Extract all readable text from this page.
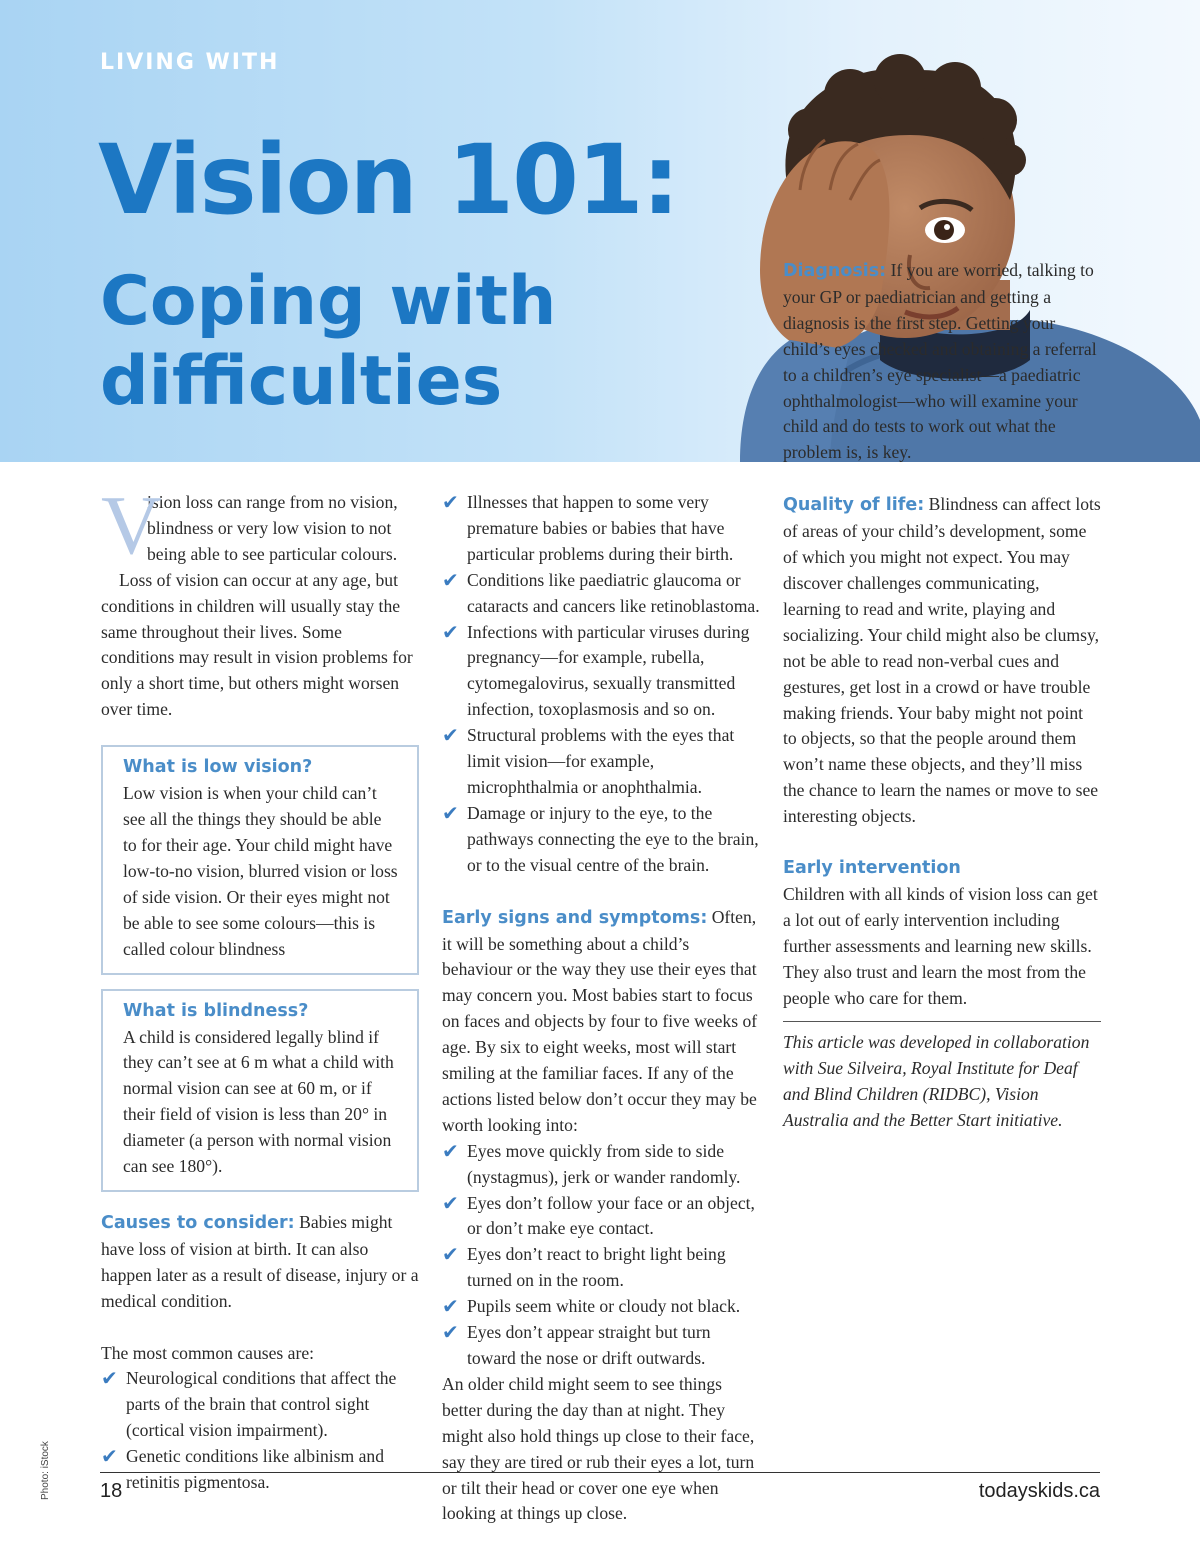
LIVING WITH
Vision 101:
Coping with difficulties
V

ision loss can range from no vision, blindness or very low vision to not being able to see particular colours.

Loss of vision can occur at any age, but conditions in children will usually stay the same throughout their lives. Some conditions may result in vision problems for only a short time, but others might worsen over time.

What is low vision?

Low vision is when your child can’t see all the things they should be able to for their age. Your child might have low-to-no vision, blurred vision or loss of side vision. Or their eyes might not be able to see some colours—this is called colour blindness

What is blindness?

A child is considered legally blind if they can’t see at 6 m what a child with normal vision can see at 60 m, or if their field of vision is less than 20° in diameter (a person with normal vision can see 180°).

Causes to consider: Babies might have loss of vision at birth. It can also happen later as a result of disease, injury or a medical condition.

The most common causes are:

✔ Neurological conditions that affect the parts of the brain that control sight (cortical vision impairment).
✔ Genetic conditions like albinism and retinitis pigmentosa.
✔ Illnesses that happen to some very premature babies or babies that have particular problems during their birth.
✔ Conditions like paediatric glaucoma or cataracts and cancers like retinoblastoma.
✔ Infections with particular viruses during pregnancy—for example, rubella, cytomegalovirus, sexually transmitted infection, toxoplasmosis and so on.
✔ Structural problems with the eyes that limit vision—for example, microphthalmia or anophthalmia.
✔ Damage or injury to the eye, to the pathways connecting the eye to the brain, or to the visual centre of the brain.

Early signs and symptoms: Often, it will be something about a child’s behaviour or the way they use their eyes that may concern you. Most babies start to focus on faces and objects by four to five weeks of age. By six to eight weeks, most will start smiling at the familiar faces. If any of the actions listed below don’t occur they may be worth looking into:

✔ Eyes move quickly from side to side (nystagmus), jerk or wander randomly.
✔ Eyes don’t follow your face or an object, or don’t make eye contact.
✔ Eyes don’t react to bright light being turned on in the room.
✔ Pupils seem white or cloudy not black.
✔ Eyes don’t appear straight but turn toward the nose or drift outwards.

An older child might seem to see things better during the day than at night. They might also hold things up close to their face, say they are tired or rub their eyes a lot, turn or tilt their head or cover one eye when looking at things up close.

Diagnosis: If you are worried, talking to your GP or paediatrician and getting a diagnosis is the first step. Getting your child’s eyes checked and obtaining a referral to a children’s eye specialist—a paediatric ophthalmologist—who will examine your child and do tests to work out what the problem is, is key.

Quality of life: Blindness can affect lots of areas of your child’s development, some of which you might not expect. You may discover challenges communicating, learning to read and write, playing and socializing. Your child might also be clumsy, not be able to read non-verbal cues and gestures, get lost in a crowd or have trouble making friends. Your baby might not point to objects, so that the people around them won’t name these objects, and they’ll miss the chance to learn the names or move to see interesting objects.

Early intervention

Children with all kinds of vision loss can get a lot out of early intervention including further assessments and learning new skills. They also trust and learn the most from the people who care for them.

This article was developed in collaboration with Sue Silveira, Royal Institute for Deaf and Blind Children (RIDBC), Vision Australia and the Better Start initiative.

Photo: iStock 18	todayskids.ca
